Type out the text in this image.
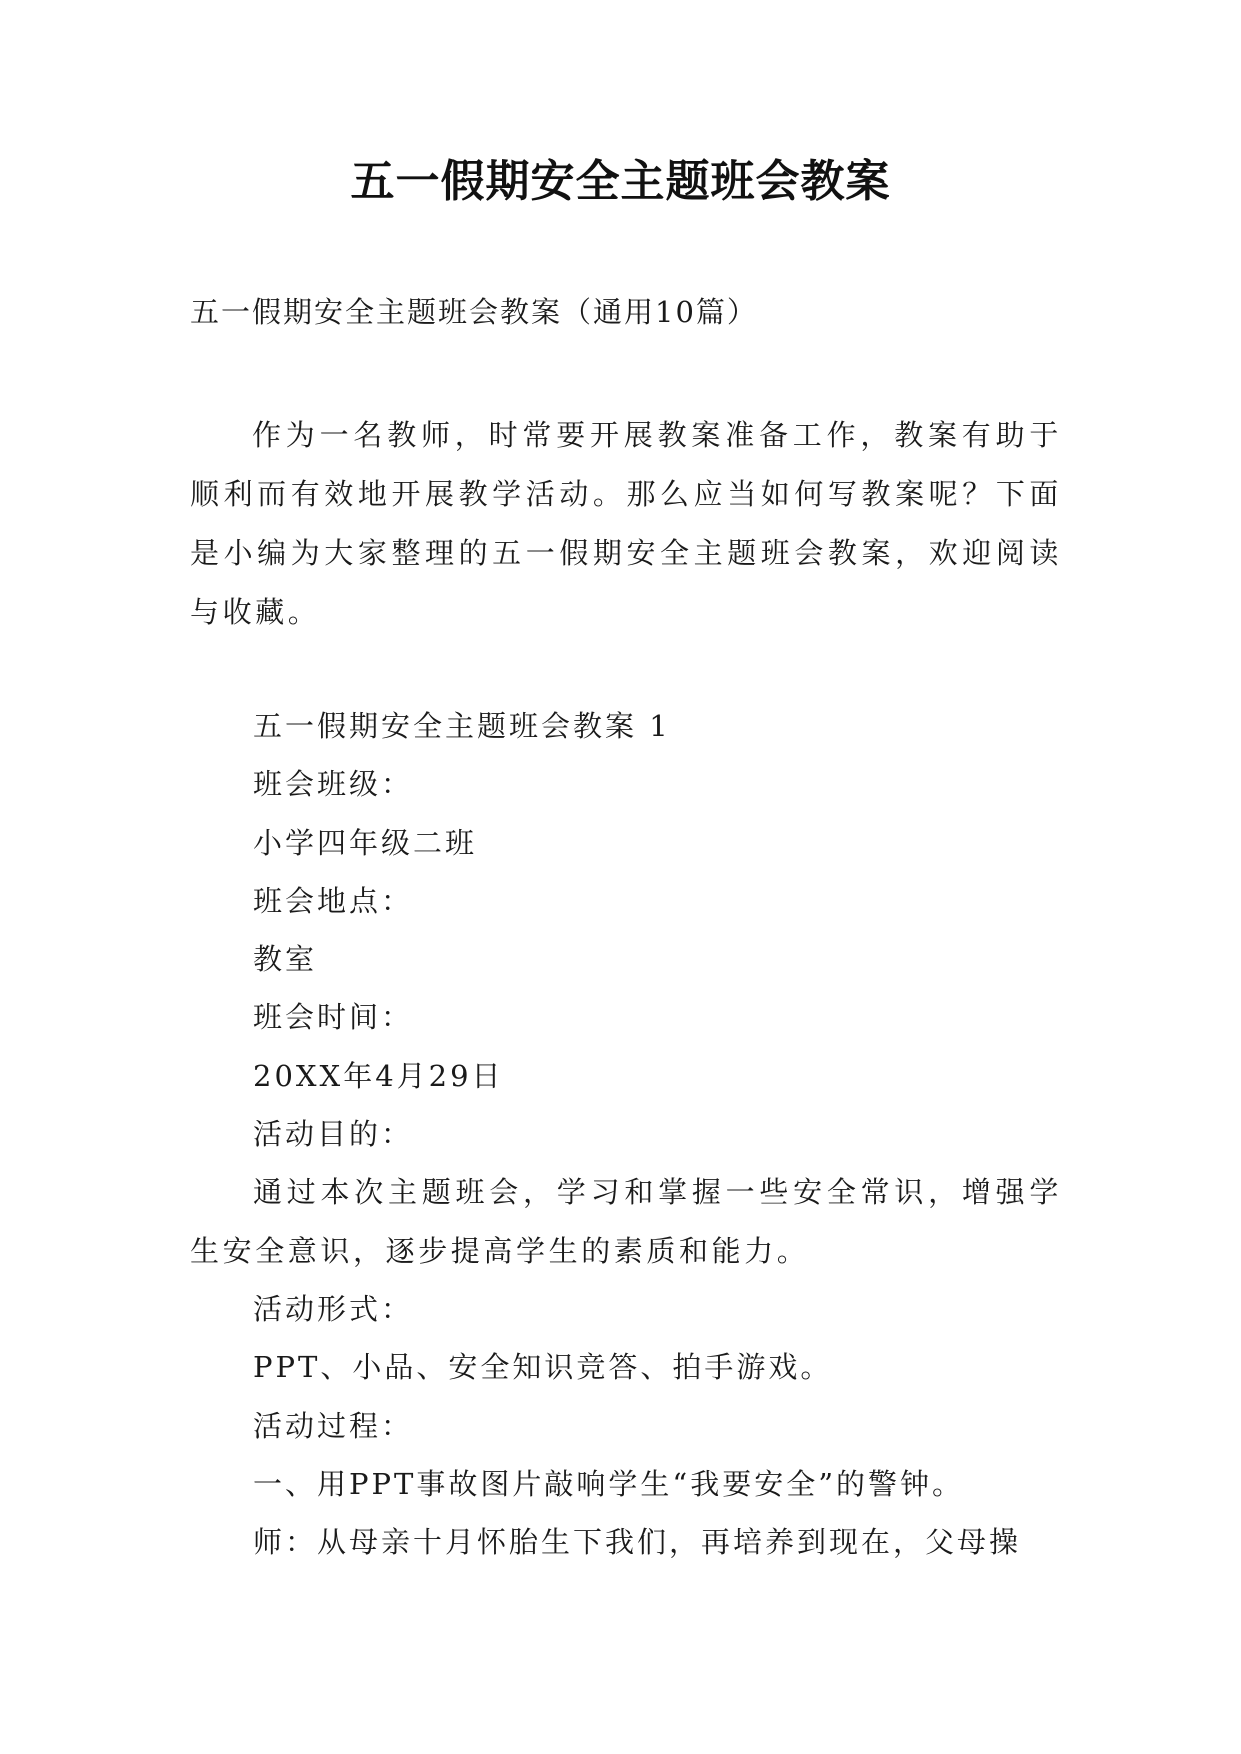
五一假期安全主题班会教案
五一假期安全主题班会教案（通用10篇）
作为一名教师，时常要开展教案准备工作，教案有助于顺利而有效地开展教学活动。那么应当如何写教案呢？下面是小编为大家整理的五一假期安全主题班会教案，欢迎阅读与收藏。
五一假期安全主题班会教案 1
班会班级：
小学四年级二班
班会地点：
教室
班会时间：
20XX年4月29日
活动目的：
通过本次主题班会，学习和掌握一些安全常识，增强学生安全意识，逐步提高学生的素质和能力。
活动形式：
PPT、小品、安全知识竞答、拍手游戏。
活动过程：
一、用PPT事故图片敲响学生“我要安全”的警钟。
师：从母亲十月怀胎生下我们，再培养到现在，父母操
